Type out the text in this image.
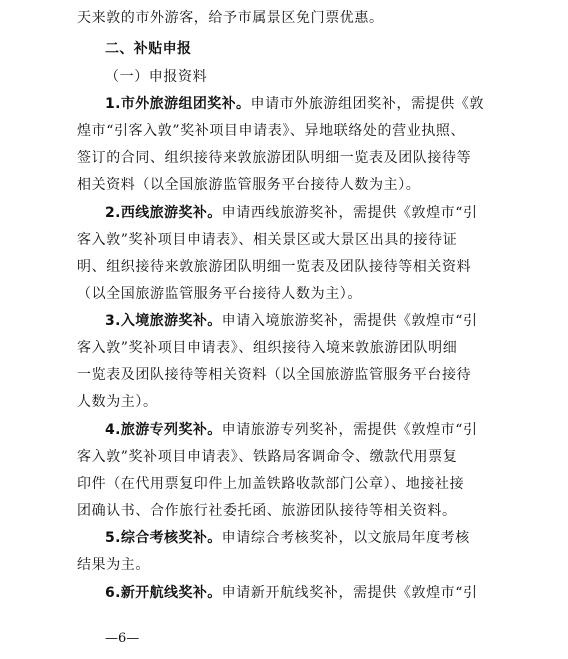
天来敦的市外游客，给予市属景区免门票优惠。
二、补贴申报
（一）申报资料
1.市外旅游组团奖补。申请市外旅游组团奖补，需提供《敦
煌市“引客入敦”奖补项目申请表》、异地联络处的营业执照、
签订的合同、组织接待来敦旅游团队明细一览表及团队接待等
相关资料（以全国旅游监管服务平台接待人数为主）。
2.西线旅游奖补。申请西线旅游奖补，需提供《敦煌市“引
客入敦”奖补项目申请表》、相关景区或大景区出具的接待证
明、组织接待来敦旅游团队明细一览表及团队接待等相关资料
（以全国旅游监管服务平台接待人数为主）。
3.入境旅游奖补。申请入境旅游奖补，需提供《敦煌市“引
客入敦”奖补项目申请表》、组织接待入境来敦旅游团队明细
一览表及团队接待等相关资料（以全国旅游监管服务平台接待
人数为主）。
4.旅游专列奖补。申请旅游专列奖补，需提供《敦煌市“引
客入敦”奖补项目申请表》、铁路局客调命令、缴款代用票复
印件（在代用票复印件上加盖铁路收款部门公章）、地接社接
团确认书、合作旅行社委托函、旅游团队接待等相关资料。
5.综合考核奖补。申请综合考核奖补，以文旅局年度考核
结果为主。
6.新开航线奖补。申请新开航线奖补，需提供《敦煌市“引
—6—
